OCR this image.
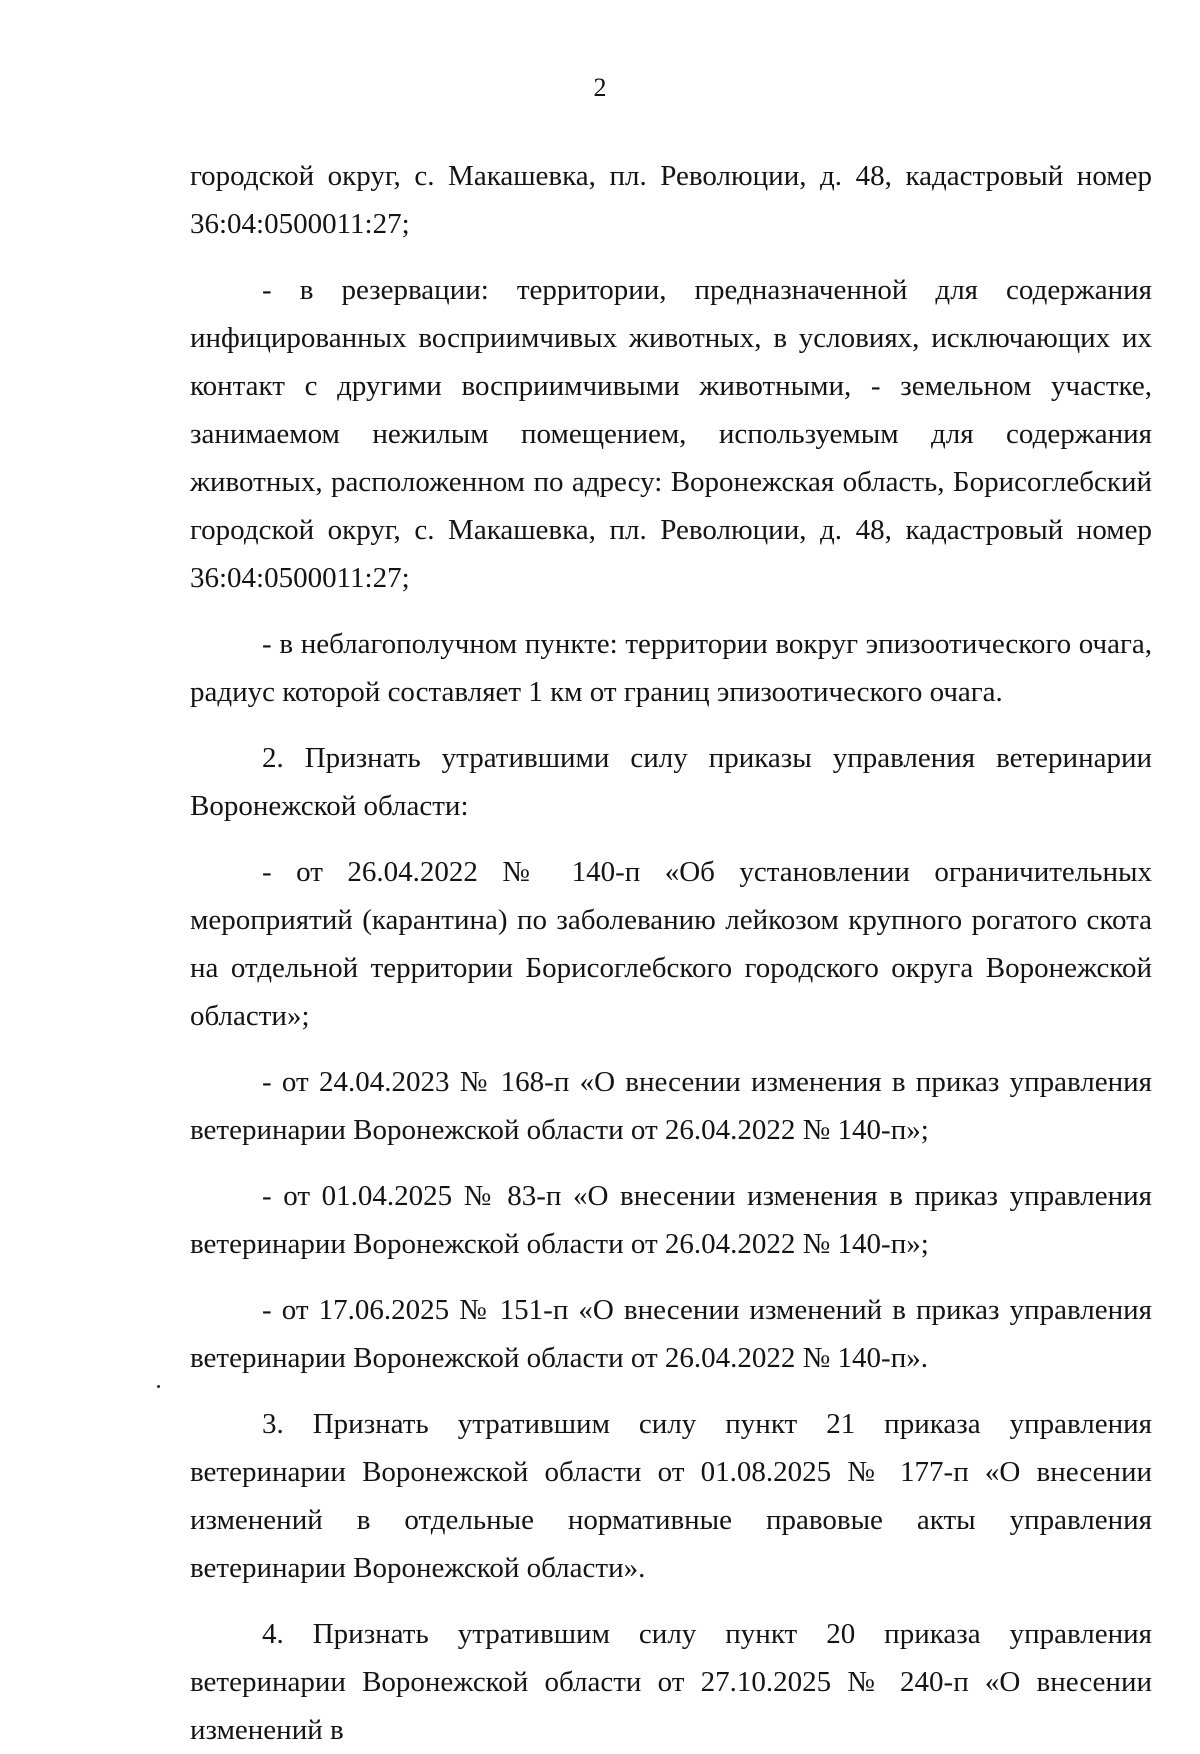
2

городской округ, с. Макашевка, пл. Революции, д. 48, кадастровый номер 36:04:0500011:27;

- в резервации: территории, предназначенной для содержания инфицированных восприимчивых животных, в условиях, исключающих их контакт с другими восприимчивыми животными, - земельном участке, занимаемом нежилым помещением, используемым для содержания животных, расположенном по адресу: Воронежская область, Борисоглебский городской округ, с. Макашевка, пл. Революции, д. 48, кадастровый номер 36:04:0500011:27;

- в неблагополучном пункте: территории вокруг эпизоотического очага, радиус которой составляет 1 км от границ эпизоотического очага.

2. Признать утратившими силу приказы управления ветеринарии Воронежской области:

- от 26.04.2022 № 140-п «Об установлении ограничительных мероприятий (карантина) по заболеванию лейкозом крупного рогатого скота на отдельной территории Борисоглебского городского округа Воронежской области»;

- от 24.04.2023 № 168-п «О внесении изменения в приказ управления ветеринарии Воронежской области от 26.04.2022 № 140-п»;

- от 01.04.2025 № 83-п «О внесении изменения в приказ управления ветеринарии Воронежской области от 26.04.2022 № 140-п»;

- от 17.06.2025 № 151-п «О внесении изменений в приказ управления ветеринарии Воронежской области от 26.04.2022 № 140-п».

3. Признать утратившим силу пункт 21 приказа управления ветеринарии Воронежской области от 01.08.2025 № 177-п «О внесении изменений в отдельные нормативные правовые акты управления ветеринарии Воронежской области».

4. Признать утратившим силу пункт 20 приказа управления ветеринарии Воронежской области от 27.10.2025 № 240-п «О внесении изменений в
